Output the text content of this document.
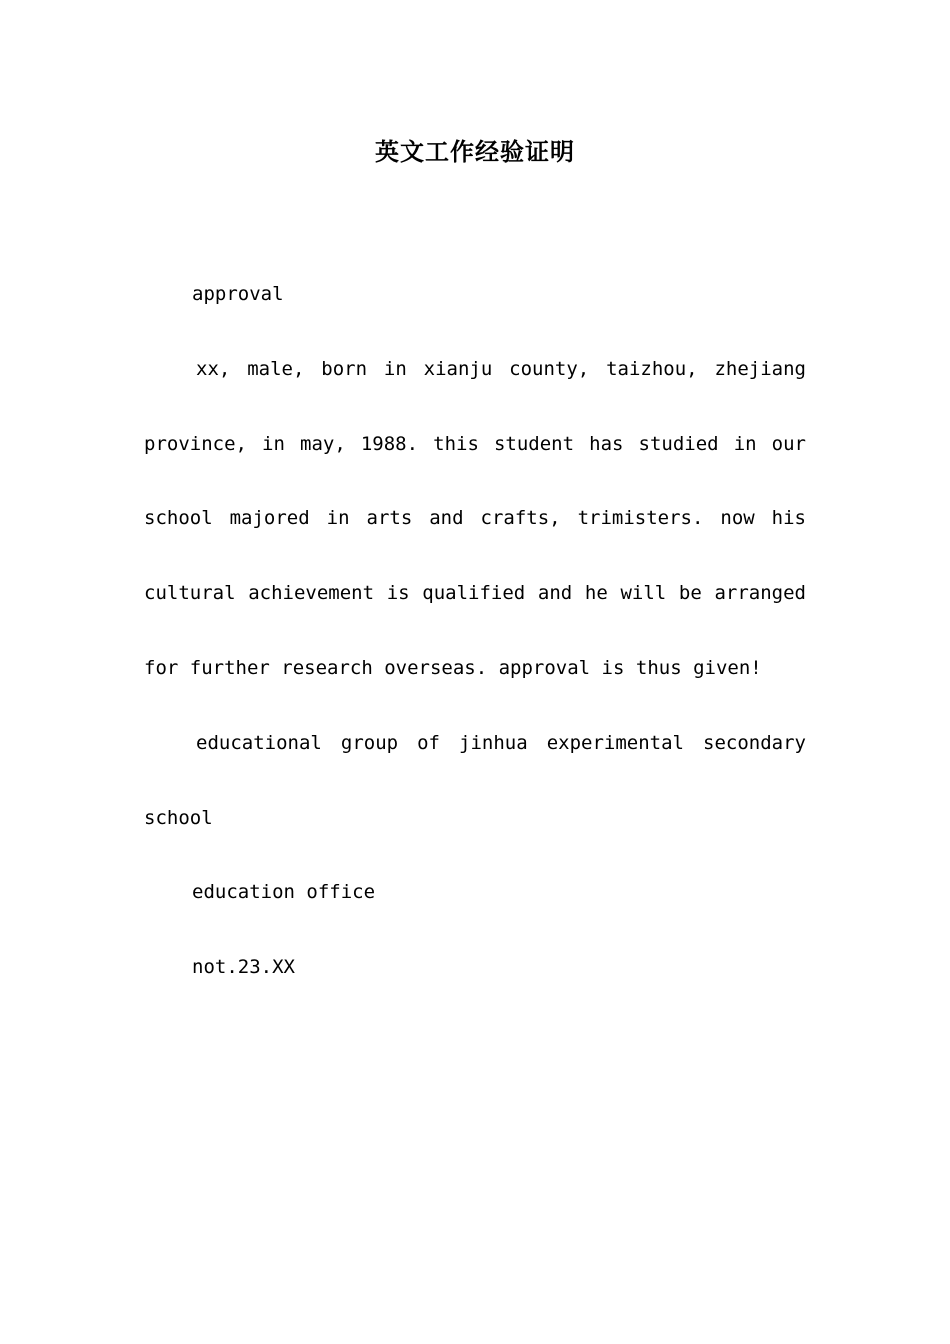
英文工作经验证明

approval

xx, male, born in xianju county, taizhou, zhejiang province, in may, 1988. this student has studied in our school majored in arts and crafts, trimisters. now his cultural achievement is qualified and he will be arranged for further research overseas. approval is thus given!

educational group of jinhua experimental secondary school

education office

not.23.XX
